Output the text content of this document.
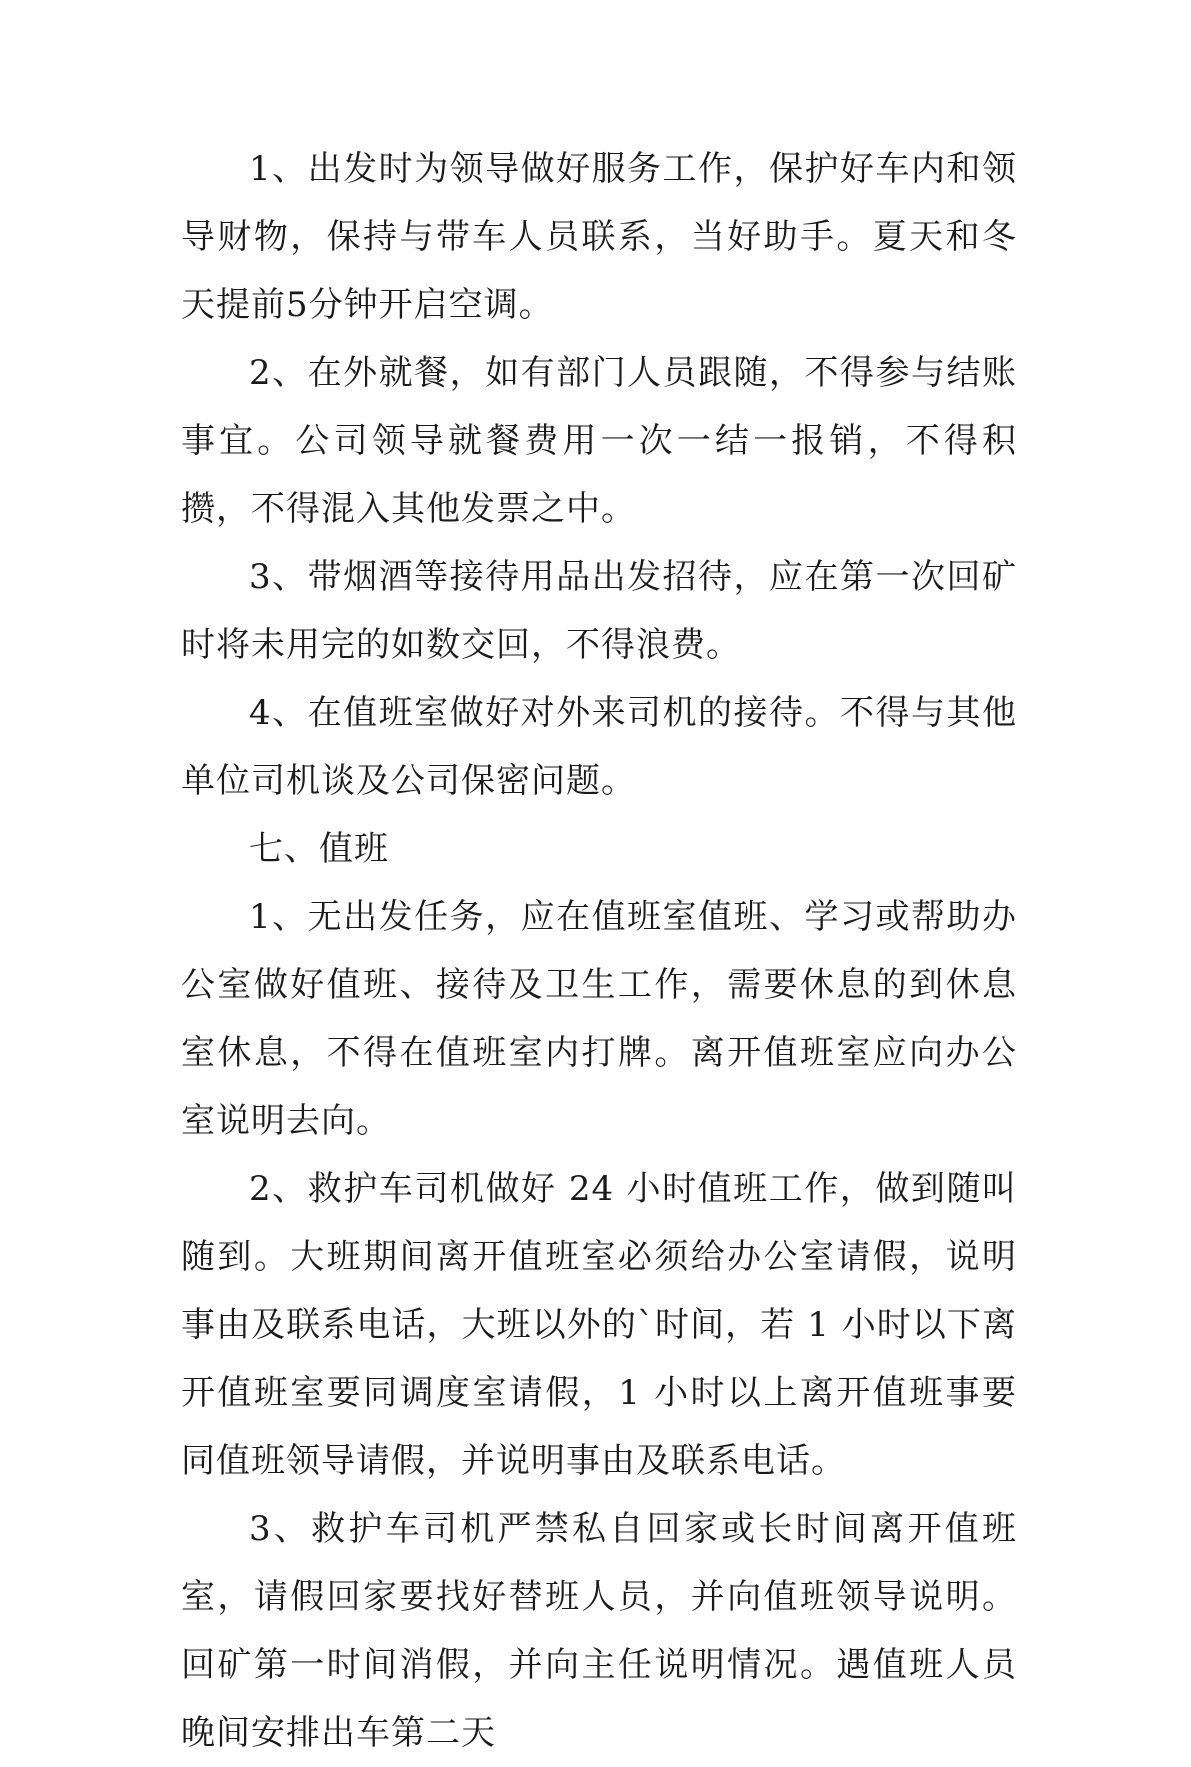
1、出发时为领导做好服务工作，保护好车内和领导财物，保持与带车人员联系，当好助手。夏天和冬天提前5分钟开启空调。

2、在外就餐，如有部门人员跟随，不得参与结账事宜。公司领导就餐费用一次一结一报销，不得积攒，不得混入其他发票之中。

3、带烟酒等接待用品出发招待，应在第一次回矿时将未用完的如数交回，不得浪费。

4、在值班室做好对外来司机的接待。不得与其他单位司机谈及公司保密问题。

七、值班

1、无出发任务，应在值班室值班、学习或帮助办公室做好值班、接待及卫生工作，需要休息的到休息室休息，不得在值班室内打牌。离开值班室应向办公室说明去向。

2、救护车司机做好 24 小时值班工作，做到随叫随到。大班期间离开值班室必须给办公室请假，说明事由及联系电话，大班以外的`时间，若 1 小时以下离开值班室要同调度室请假，1 小时以上离开值班事要同值班领导请假，并说明事由及联系电话。

3、救护车司机严禁私自回家或长时间离开值班室，请假回家要找好替班人员，并向值班领导说明。回矿第一时间消假，并向主任说明情况。遇值班人员晚间安排出车第二天
